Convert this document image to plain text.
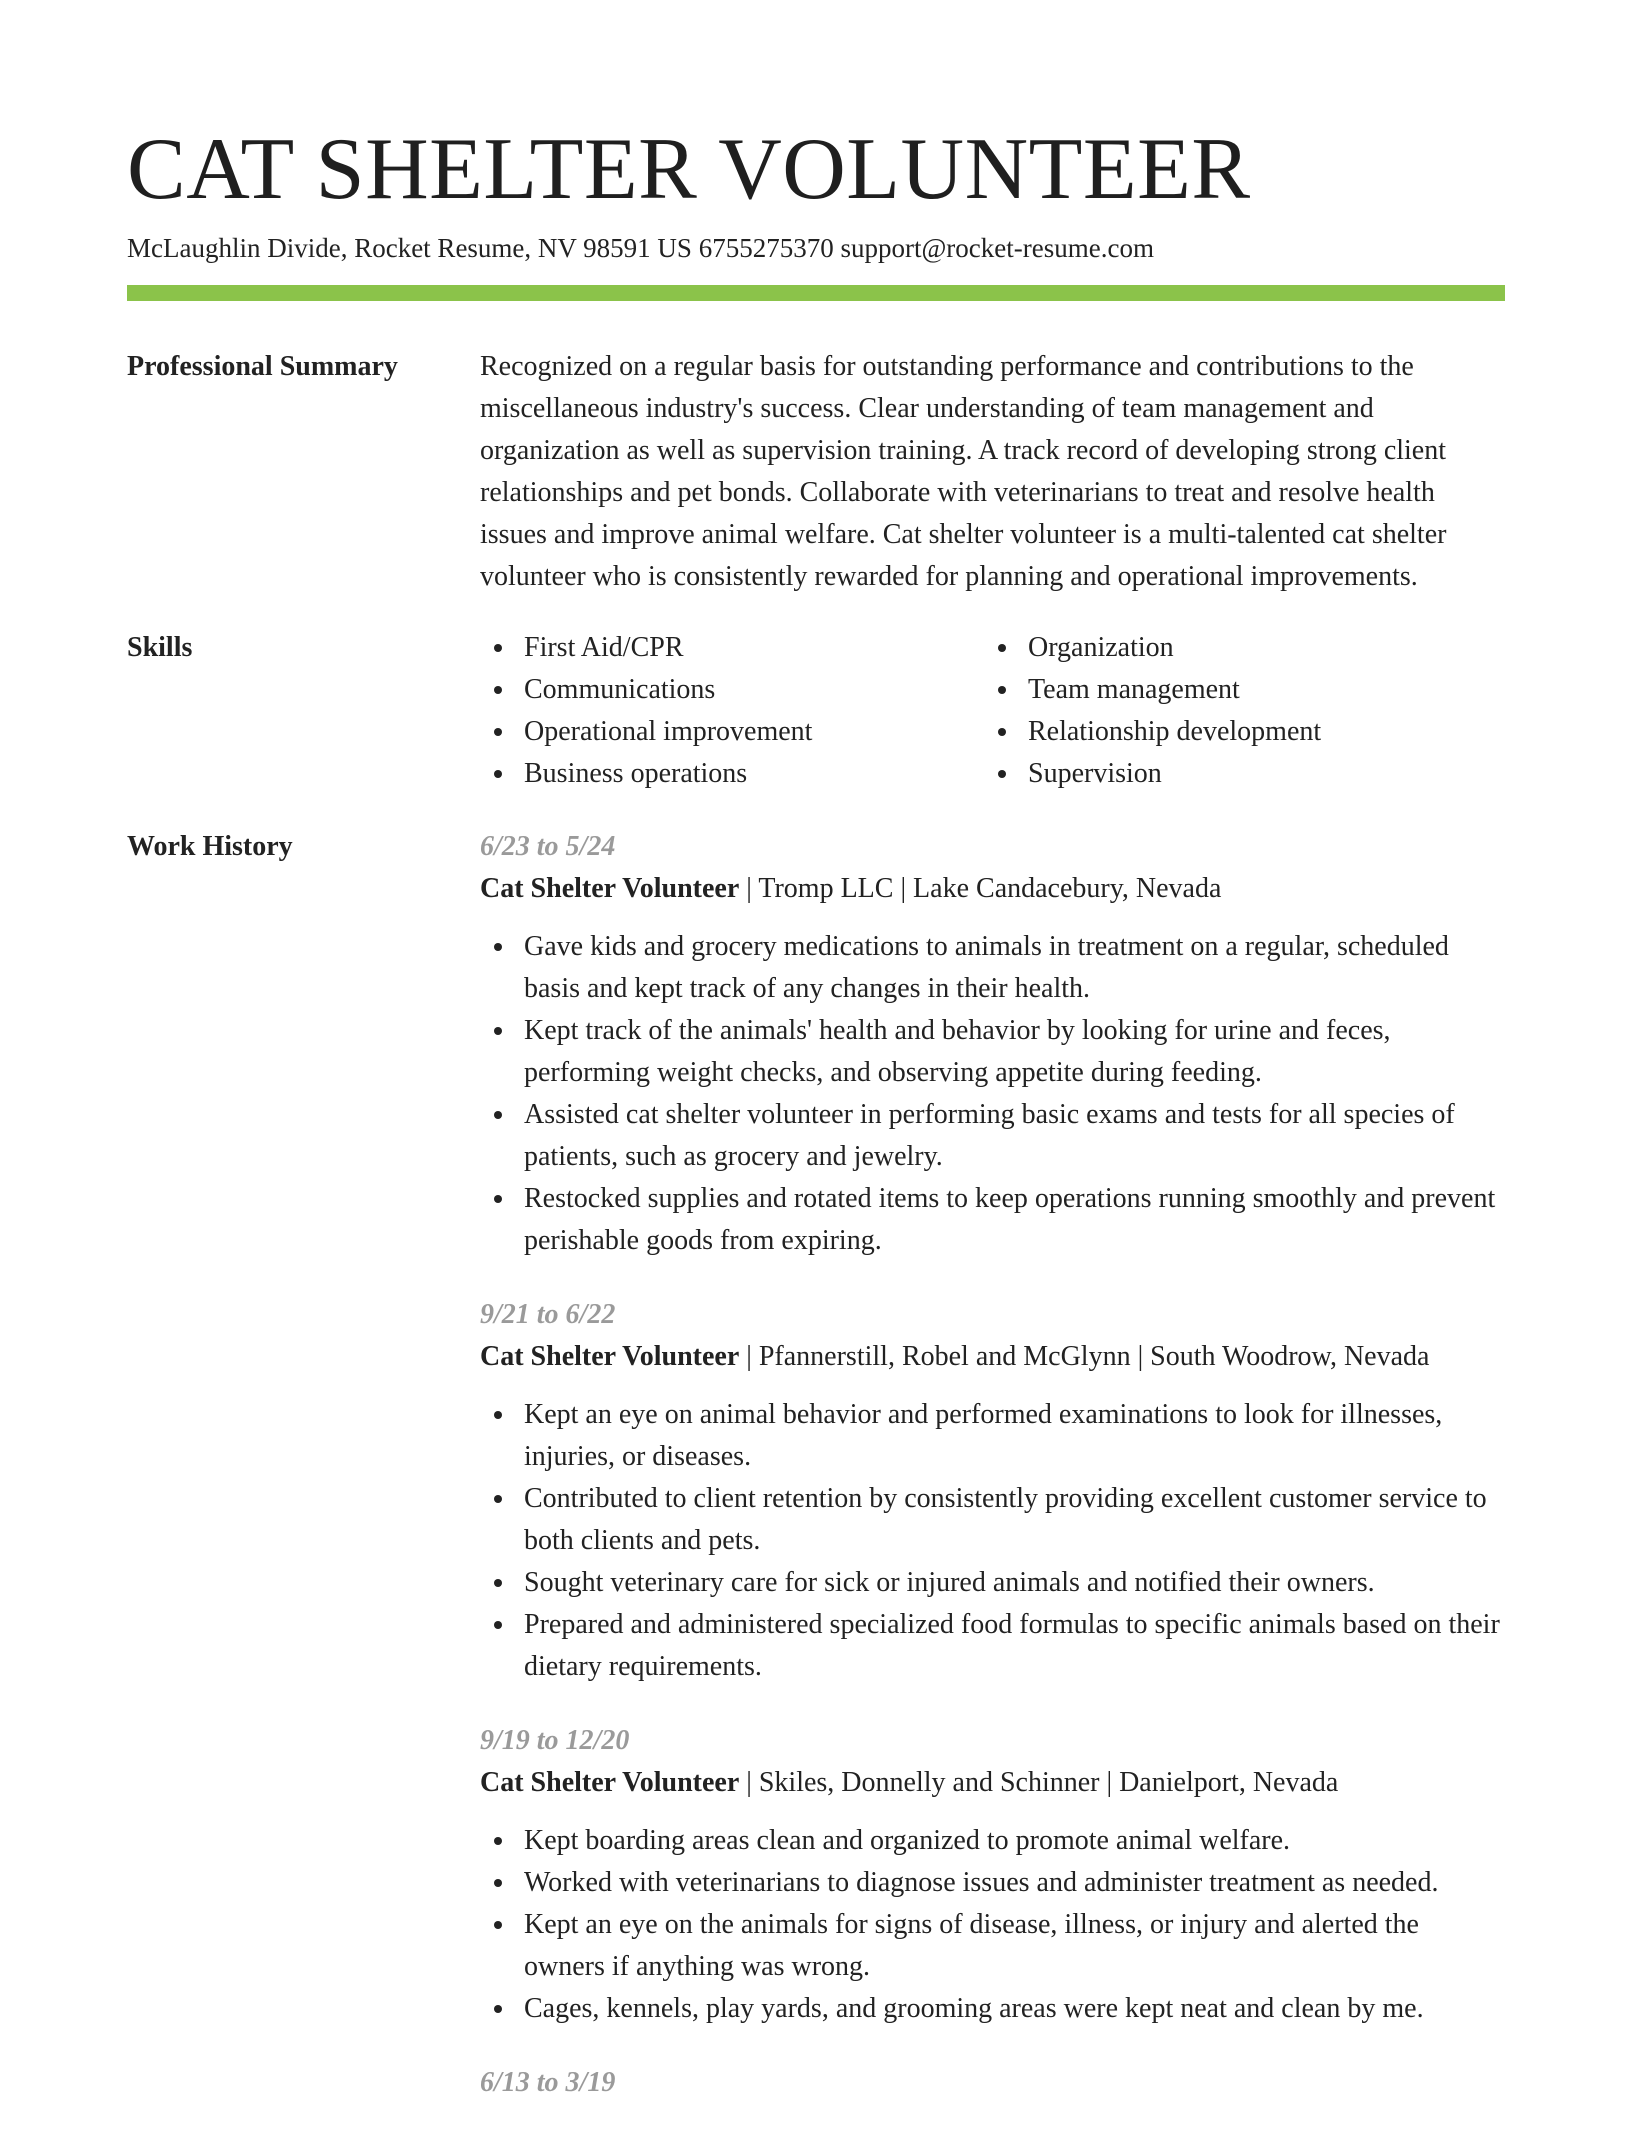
CAT SHELTER VOLUNTEER
McLaughlin Divide, Rocket Resume, NV 98591 US 6755275370 support@rocket-resume.com
Professional Summary	Recognized on a regular basis for outstanding performance and contributions to the miscellaneous industry's success. Clear understanding of team management and organization as well as supervision training. A track record of developing strong client relationships and pet bonds. Collaborate with veterinarians to treat and resolve health issues and improve animal welfare. Cat shelter volunteer is a multi-talented cat shelter volunteer who is consistently rewarded for planning and operational improvements.

Skills	First Aid/CPR
Communications
Operational improvement
Business operations
Organization
Team management
Relationship development
Supervision
Work History	6/23 to 5/24
Cat Shelter Volunteer | Tromp LLC | Lake Candacebury, Nevada
Gave kids and grocery medications to animals in treatment on a regular, scheduled basis and kept track of any changes in their health.
Kept track of the animals' health and behavior by looking for urine and feces, performing weight checks, and observing appetite during feeding.
Assisted cat shelter volunteer in performing basic exams and tests for all species of patients, such as grocery and jewelry.
Restocked supplies and rotated items to keep operations running smoothly and prevent perishable goods from expiring.
9/21 to 6/22
Cat Shelter Volunteer | Pfannerstill, Robel and McGlynn | South Woodrow, Nevada
Kept an eye on animal behavior and performed examinations to look for illnesses, injuries, or diseases.
Contributed to client retention by consistently providing excellent customer service to both clients and pets.
Sought veterinary care for sick or injured animals and notified their owners.
Prepared and administered specialized food formulas to specific animals based on their dietary requirements.
9/19 to 12/20
Cat Shelter Volunteer | Skiles, Donnelly and Schinner | Danielport, Nevada
Kept boarding areas clean and organized to promote animal welfare.
Worked with veterinarians to diagnose issues and administer treatment as needed.
Kept an eye on the animals for signs of disease, illness, or injury and alerted the owners if anything was wrong.
Cages, kennels, play yards, and grooming areas were kept neat and clean by me.
6/13 to 3/19
